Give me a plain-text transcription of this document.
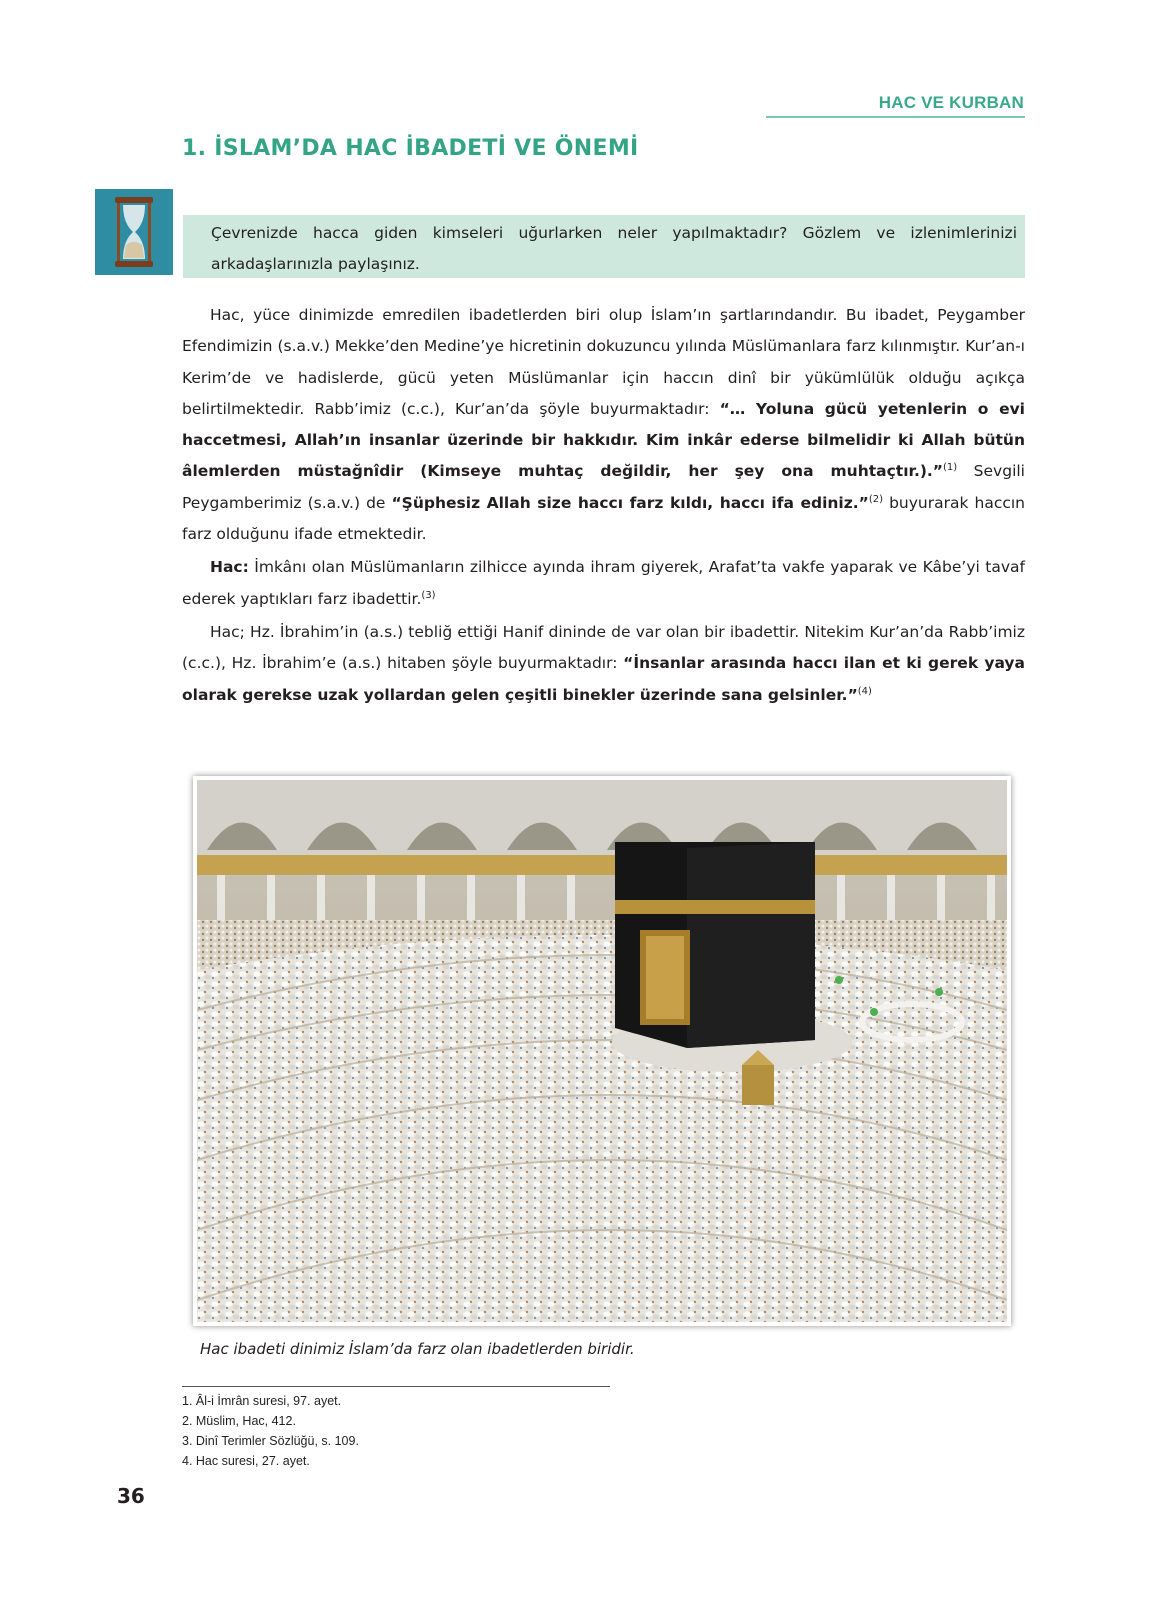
HAC VE KURBAN
1. İSLAM’DA HAC İBADETİ VE ÖNEMİ
Çevrenizde hacca giden kimseleri uğurlarken neler yapılmaktadır? Gözlem ve izlenimlerinizi arkadaşlarınızla paylaşınız.

Hac, yüce dinimizde emredilen ibadetlerden biri olup İslam’ın şartlarındandır. Bu ibadet, Peygamber Efendimizin (s.a.v.) Mekke’den Medine’ye hicretinin dokuzuncu yılında Müslümanlara farz kılınmıştır. Kur’an-ı Kerim’de ve hadislerde, gücü yeten Müslümanlar için haccın dinî bir yükümlülük olduğu açıkça belirtilmektedir. Rabb’imiz (c.c.), Kur’an’da şöyle buyurmaktadır: “… Yoluna gücü yetenlerin o evi haccetmesi, Allah’ın insanlar üzerinde bir hakkıdır. Kim inkâr ederse bilmelidir ki Allah bütün âlemlerden müstağnîdir (Kimseye muhtaç değildir, her şey ona muhtaçtır.).”$^{(1)}$ Sevgili Peygamberimiz (s.a.v.) de “Şüphesiz Allah size haccı farz kıldı, haccı ifa ediniz.”$^{(2)}$ buyurarak haccın farz olduğunu ifade etmektedir.

Hac: İmkânı olan Müslümanların zilhicce ayında ihram giyerek, Arafat’ta vakfe yaparak ve Kâbe’yi tavaf ederek yaptıkları farz ibadettir.$^{(3)}$

Hac; Hz. İbrahim’in (a.s.) tebliğ ettiği Hanif dininde de var olan bir ibadettir. Nitekim Kur’an’da Rabb’imiz (c.c.), Hz. İbrahim’e (a.s.) hitaben şöyle buyurmaktadır: “İnsanlar arasında haccı ilan et ki gerek yaya olarak gerekse uzak yollardan gelen çeşitli binekler üzerinde sana gelsinler.”$^{(4)}$

Hac ibadeti dinimiz İslam’da farz olan ibadetlerden biridir.
1. Âl-i İmrân suresi, 97. ayet.
2. Müslim, Hac, 412.
3. Dinî Terimler Sözlüğü, s. 109.
4. Hac suresi, 27. ayet.
36
